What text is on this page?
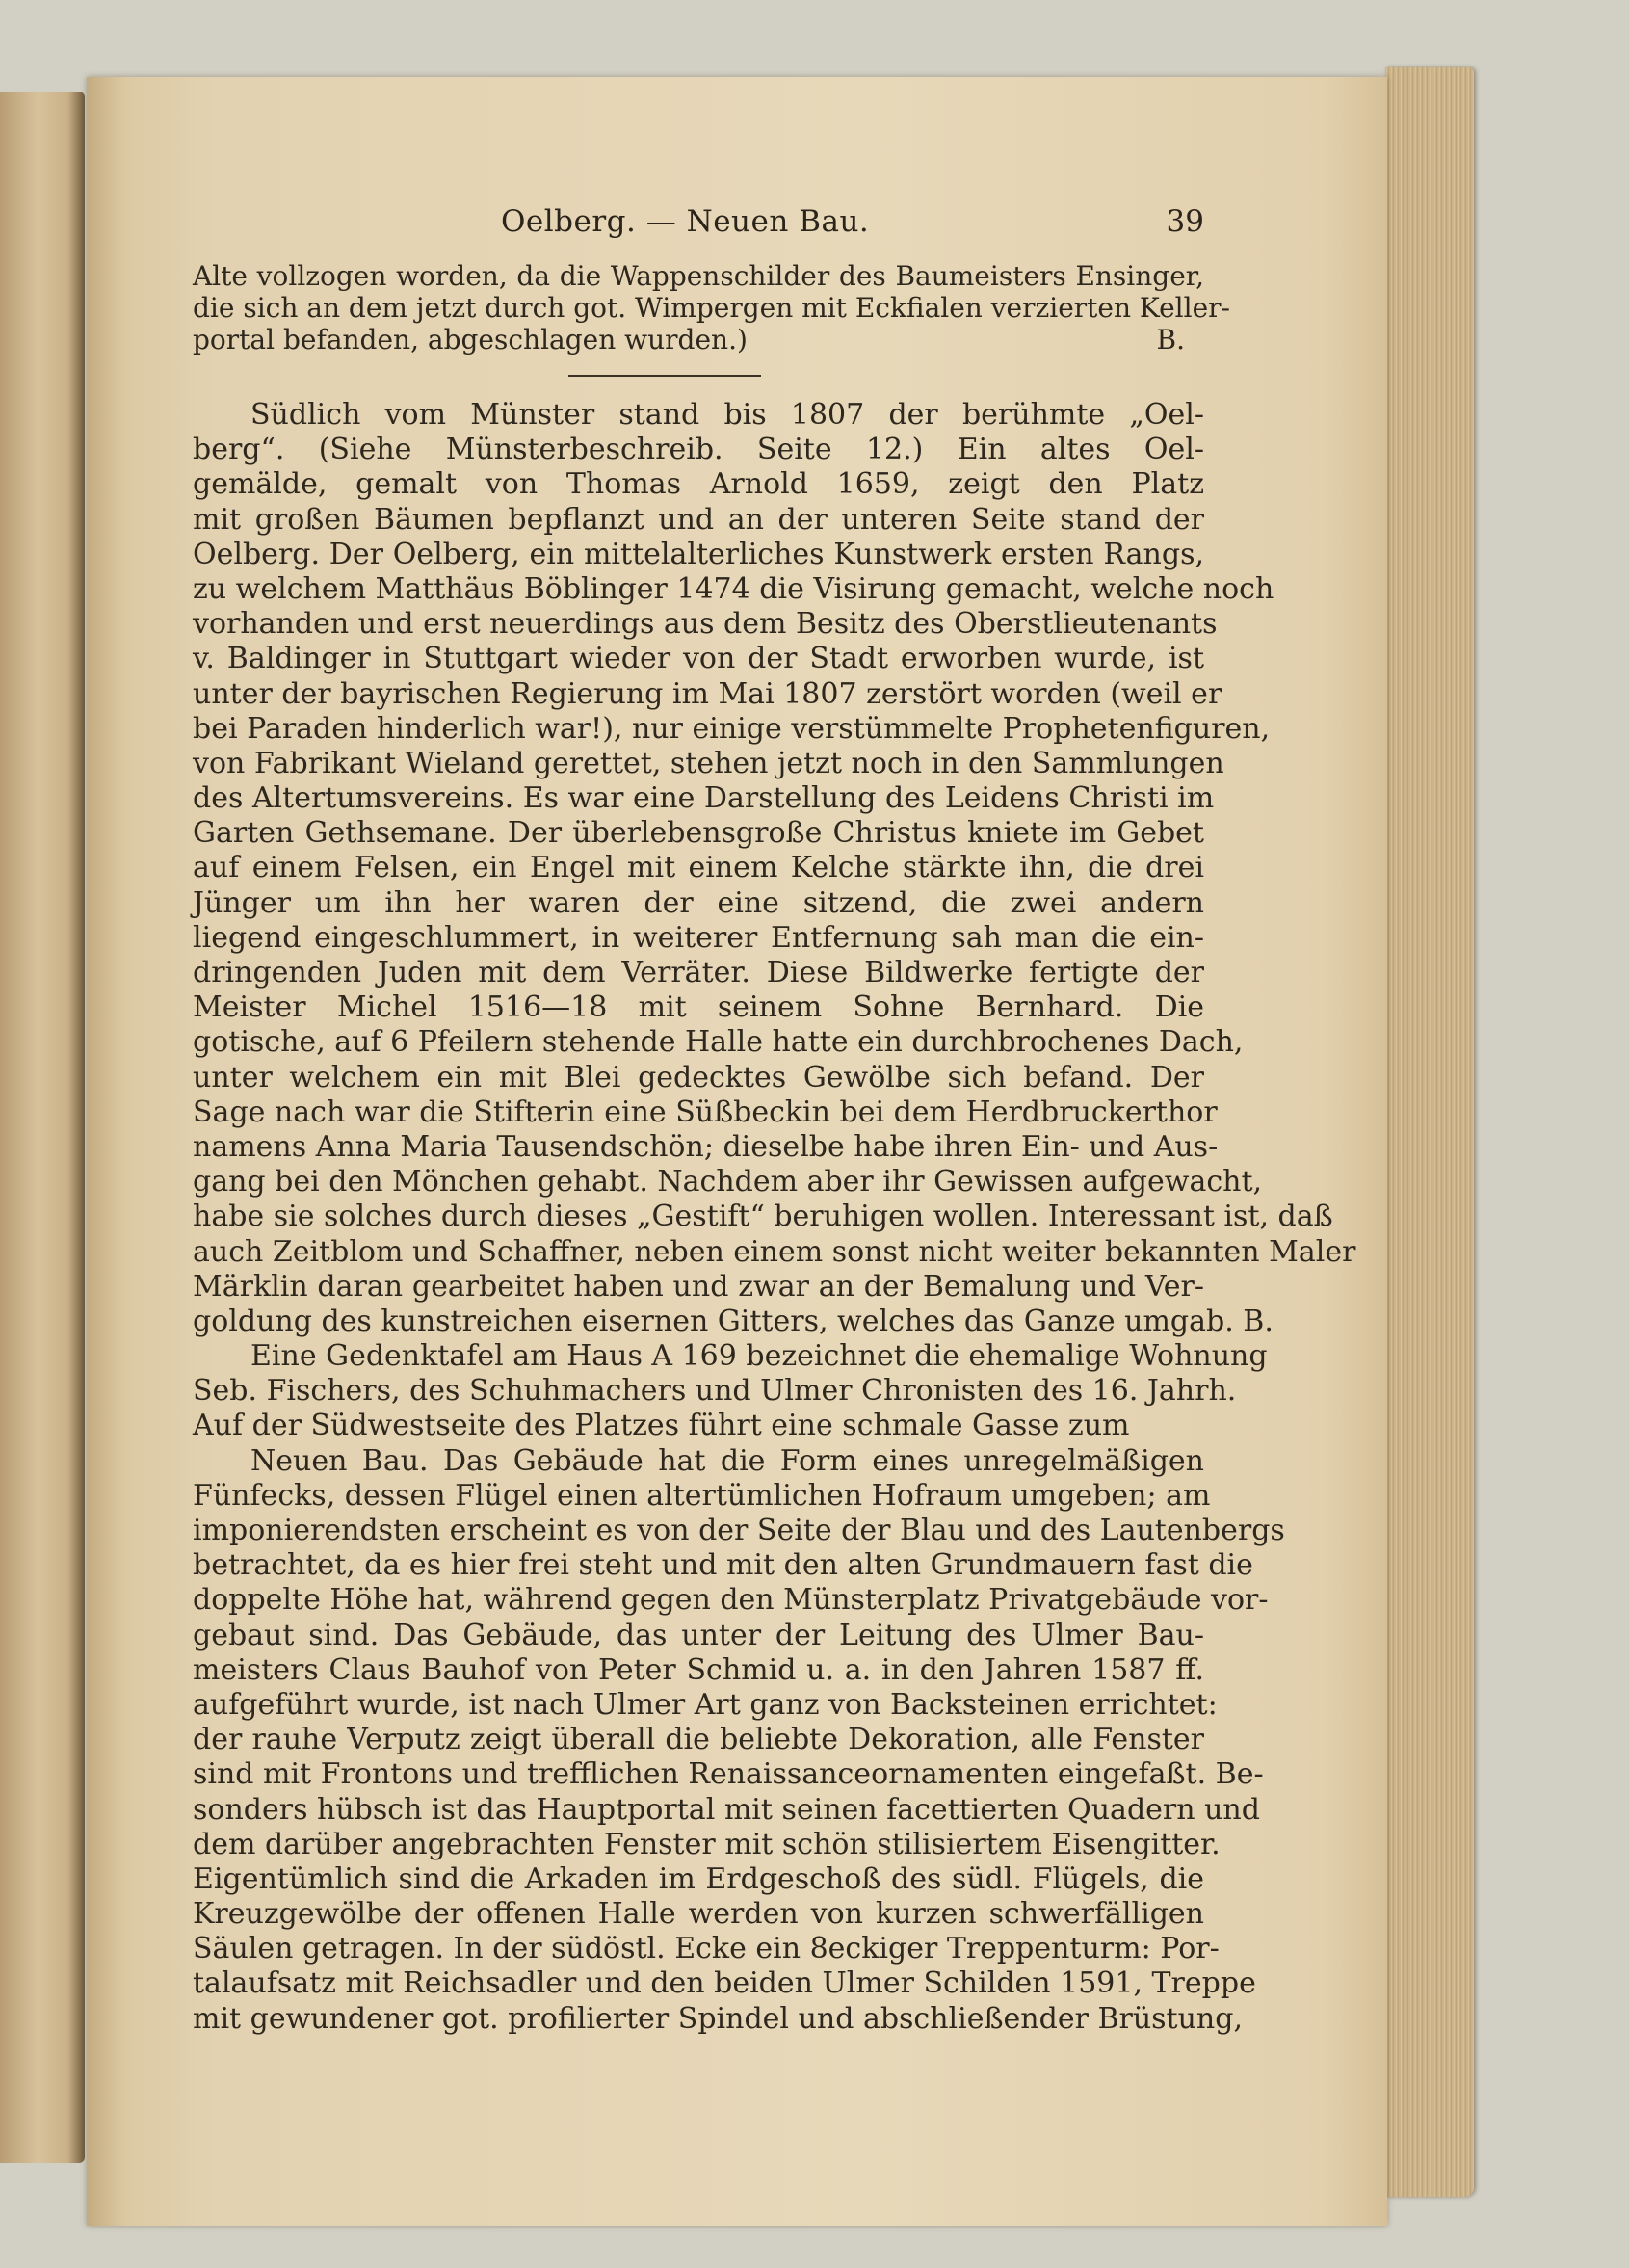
Oelberg. — Neuen Bau.	39
Alte vollzogen worden, da die Wappenschilder des Baumeisters Ensinger,
die sich an dem jetzt durch got. Wimpergen mit Eckfialen verzierten Keller-
portal befanden, abgeschlagen wurden.)	B.
Südlich vom Münster stand bis 1807 der berühmte „Oel-
berg“. (Siehe Münsterbeschreib. Seite 12.) Ein altes Oel-
gemälde, gemalt von Thomas Arnold 1659, zeigt den Platz
mit großen Bäumen bepflanzt und an der unteren Seite stand der
Oelberg. Der Oelberg, ein mittelalterliches Kunstwerk ersten Rangs,
zu welchem Matthäus Böblinger 1474 die Visirung gemacht, welche noch
vorhanden und erst neuerdings aus dem Besitz des Oberstlieutenants
v. Baldinger in Stuttgart wieder von der Stadt erworben wurde, ist
unter der bayrischen Regierung im Mai 1807 zerstört worden (weil er
bei Paraden hinderlich war!), nur einige verstümmelte Prophetenfiguren,
von Fabrikant Wieland gerettet, stehen jetzt noch in den Sammlungen
des Altertumsvereins. Es war eine Darstellung des Leidens Christi im
Garten Gethsemane. Der überlebensgroße Christus kniete im Gebet
auf einem Felsen, ein Engel mit einem Kelche stärkte ihn, die drei
Jünger um ihn her waren der eine sitzend, die zwei andern
liegend eingeschlummert, in weiterer Entfernung sah man die ein-
dringenden Juden mit dem Verräter. Diese Bildwerke fertigte der
Meister Michel 1516—18 mit seinem Sohne Bernhard. Die
gotische, auf 6 Pfeilern stehende Halle hatte ein durchbrochenes Dach,
unter welchem ein mit Blei gedecktes Gewölbe sich befand. Der
Sage nach war die Stifterin eine Süßbeckin bei dem Herdbruckerthor
namens Anna Maria Tausendschön; dieselbe habe ihren Ein- und Aus-
gang bei den Mönchen gehabt. Nachdem aber ihr Gewissen aufgewacht,
habe sie solches durch dieses „Gestift“ beruhigen wollen. Interessant ist, daß
auch Zeitblom und Schaffner, neben einem sonst nicht weiter bekannten Maler
Märklin daran gearbeitet haben und zwar an der Bemalung und Ver-
goldung des kunstreichen eisernen Gitters, welches das Ganze umgab. B.
Eine Gedenktafel am Haus A 169 bezeichnet die ehemalige Wohnung
Seb. Fischers, des Schuhmachers und Ulmer Chronisten des 16. Jahrh.
Auf der Südwestseite des Platzes führt eine schmale Gasse zum
Neuen Bau. Das Gebäude hat die Form eines unregelmäßigen
Fünfecks, dessen Flügel einen altertümlichen Hofraum umgeben; am
imponierendsten erscheint es von der Seite der Blau und des Lautenbergs
betrachtet, da es hier frei steht und mit den alten Grundmauern fast die
doppelte Höhe hat, während gegen den Münsterplatz Privatgebäude vor-
gebaut sind. Das Gebäude, das unter der Leitung des Ulmer Bau-
meisters Claus Bauhof von Peter Schmid u. a. in den Jahren 1587 ff.
aufgeführt wurde, ist nach Ulmer Art ganz von Backsteinen errichtet:
der rauhe Verputz zeigt überall die beliebte Dekoration, alle Fenster
sind mit Frontons und trefflichen Renaissanceornamenten eingefaßt. Be-
sonders hübsch ist das Hauptportal mit seinen facettierten Quadern und
dem darüber angebrachten Fenster mit schön stilisiertem Eisengitter.
Eigentümlich sind die Arkaden im Erdgeschoß des südl. Flügels, die
Kreuzgewölbe der offenen Halle werden von kurzen schwerfälligen
Säulen getragen. In der südöstl. Ecke ein 8eckiger Treppenturm: Por-
talaufsatz mit Reichsadler und den beiden Ulmer Schilden 1591, Treppe
mit gewundener got. profilierter Spindel und abschließender Brüstung,
